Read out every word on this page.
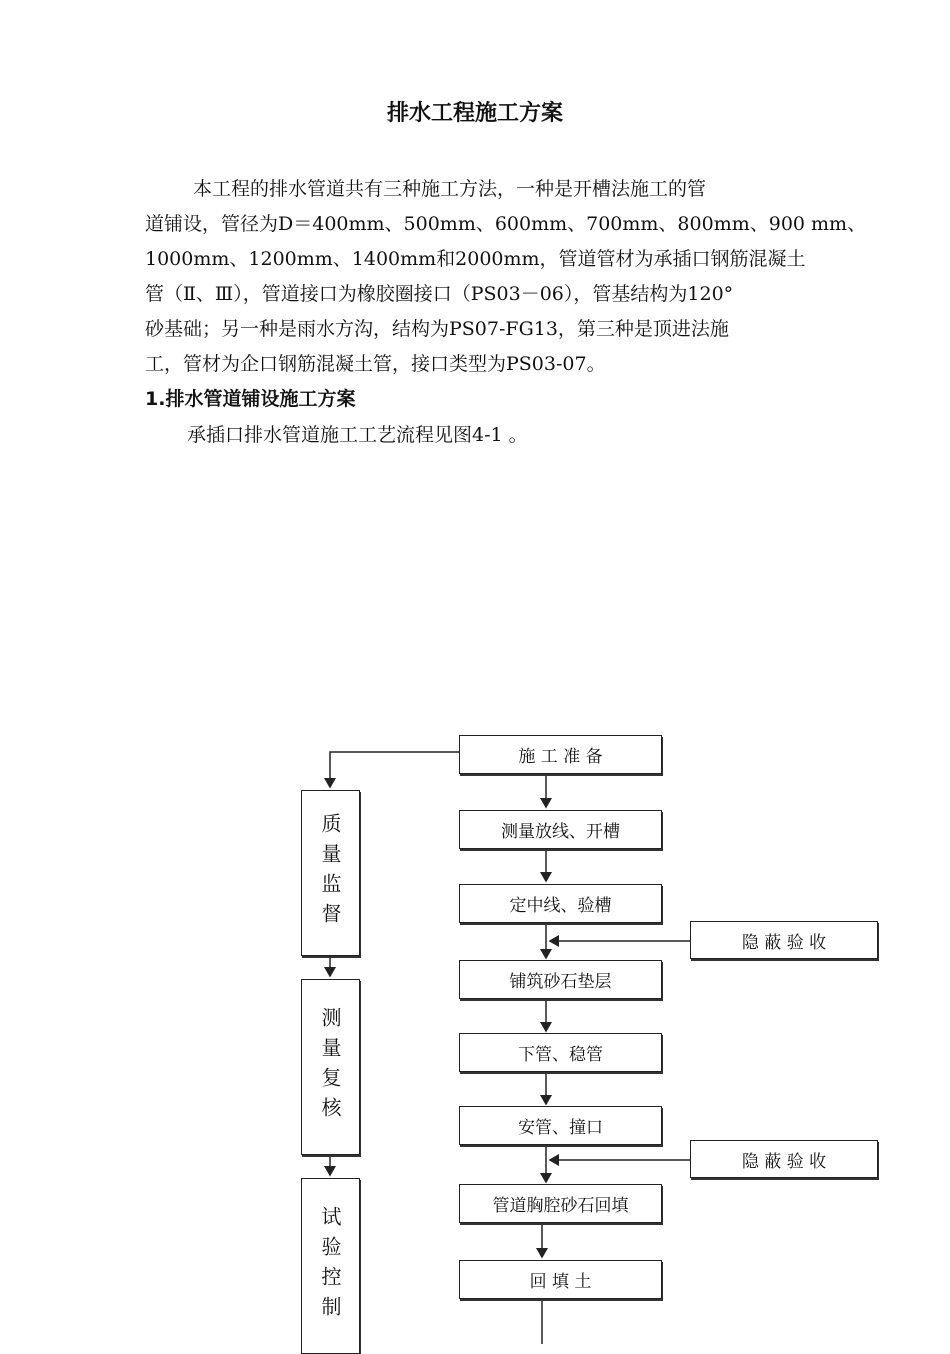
排水工程施工方案
本工程的排水管道共有三种施工方法，一种是开槽法施工的管
道铺设，管径为D＝400mm、500mm、600mm、700mm、800mm、900 mm、
1000mm、1200mm、1400mm和2000mm，管道管材为承插口钢筋混凝土
管（Ⅱ、Ⅲ），管道接口为橡胶圈接口（PS03－06），管基结构为120°
砂基础；另一种是雨水方沟，结构为PS07-FG13，第三种是顶进法施
工，管材为企口钢筋混凝土管，接口类型为PS03-07。
1.排水管道铺设施工方案
承插口排水管道施工工艺流程见图4-1 。
施 工 准 备
测量放线、开槽
定中线、验槽
铺筑砂石垫层
下管、稳管
安管、撞口
管道胸腔砂石回填
回 填 土
隐 蔽 验 收
隐 蔽 验 收
质量监督
测量复核
试验控制
